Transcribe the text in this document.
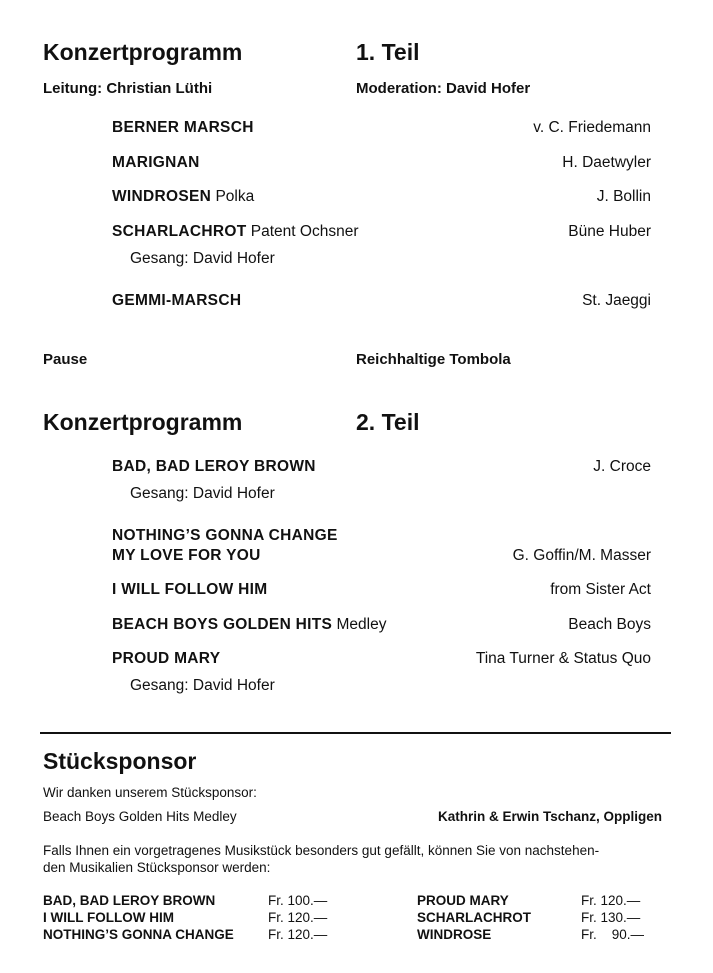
Konzertprogramm	1. Teil
Leitung: Christian Lüthi	Moderation: David Hofer
BERNER MARSCH	v. C. Friedemann
MARIGNAN	H. Daetwyler
WINDROSEN Polka	J. Bollin
SCHARLACHROT Patent Ochsner	Büne Huber
Gesang: David Hofer
GEMMI-MARSCH	St. Jaeggi
Pause	Reichhaltige Tombola
Konzertprogramm	2. Teil
BAD, BAD LEROY BROWN	J. Croce
Gesang: David Hofer
NOTHING’S GONNA CHANGE
MY LOVE FOR YOU	G. Goffin/M. Masser
I WILL FOLLOW HIM	from Sister Act
BEACH BOYS GOLDEN HITS Medley	Beach Boys
PROUD MARY	Tina Turner & Status Quo
Gesang: David Hofer
Stücksponsor
Wir danken unserem Stücksponsor:
Beach Boys Golden Hits Medley	Kathrin & Erwin Tschanz, Oppligen
Falls Ihnen ein vorgetragenes Musikstück besonders gut gefällt, können Sie von nachstehen-
den Musikalien Stücksponsor werden:
BAD, BAD LEROY BROWN	Fr. 100.—
I WILL FOLLOW HIM	Fr. 120.—
NOTHING’S GONNA CHANGE	Fr. 120.—
PROUD MARY	Fr. 120.—
SCHARLACHROT	Fr. 130.—
WINDROSE	Fr.    90.—
